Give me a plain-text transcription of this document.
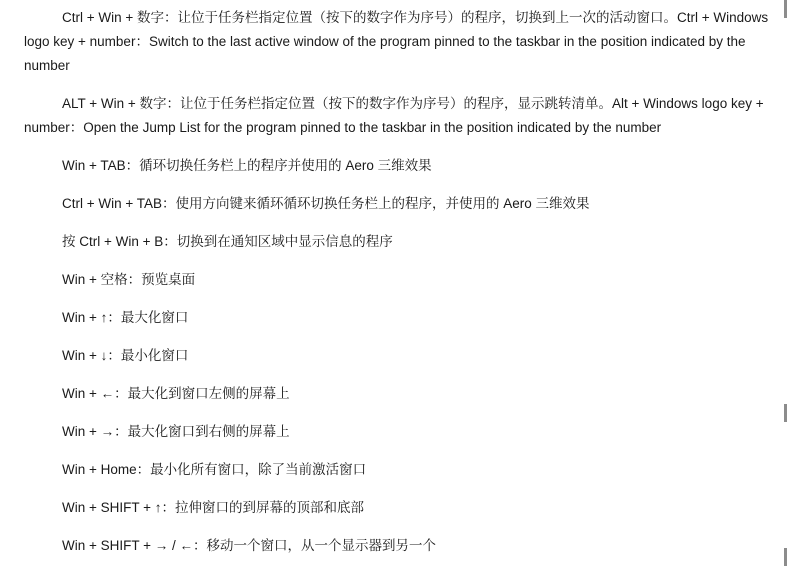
Ctrl + Win + 数字：让位于任务栏指定位置（按下的数字作为序号）的程序，切换到上一次的活动窗口。Ctrl + Windows logo key + number：Switch to the last active window of the program pinned to the taskbar in the position indicated by the number

ALT + Win + 数字：让位于任务栏指定位置（按下的数字作为序号）的程序，显示跳转清单。Alt + Windows logo key + number：Open the Jump List for the program pinned to the taskbar in the position indicated by the number

Win + TAB：循环切换任务栏上的程序并使用的 Aero 三维效果

Ctrl + Win + TAB：使用方向键来循环循环切换任务栏上的程序，并使用的 Aero 三维效果

按 Ctrl + Win + B：切换到在通知区域中显示信息的程序

Win + 空格：预览桌面

Win + ↑：最大化窗口

Win + ↓：最小化窗口

Win + ←：最大化到窗口左侧的屏幕上

Win + →：最大化窗口到右侧的屏幕上

Win + Home：最小化所有窗口，除了当前激活窗口

Win + SHIFT + ↑：拉伸窗口的到屏幕的顶部和底部

Win + SHIFT + → / ←：移动一个窗口，从一个显示器到另一个
